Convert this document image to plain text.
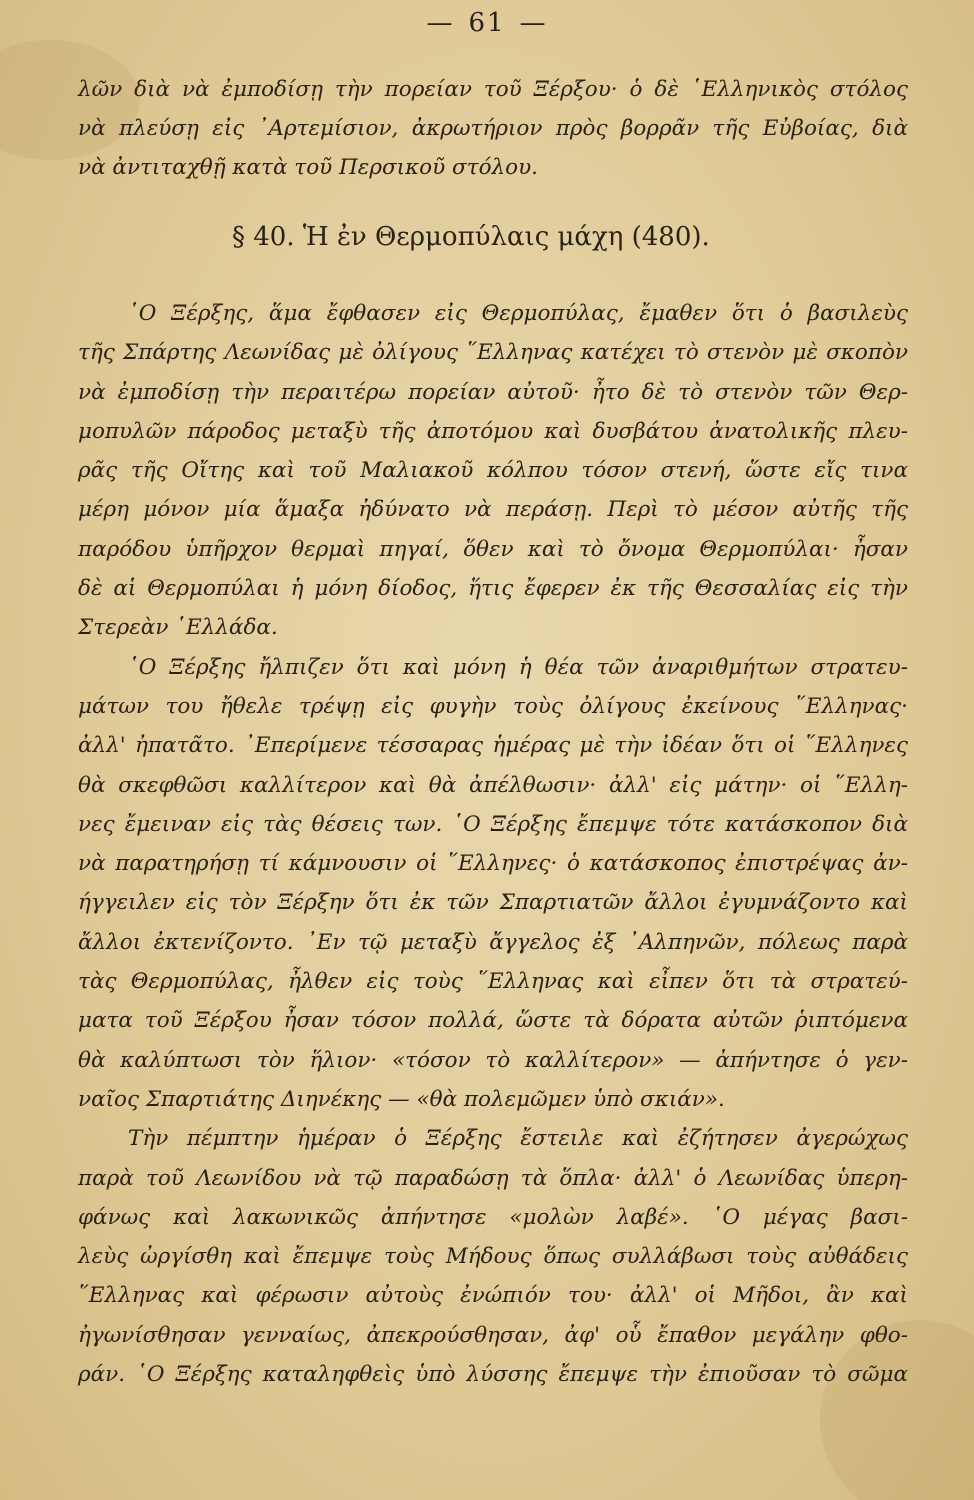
— 61 —
λῶν διὰ νὰ ἐμποδίσῃ τὴν πορείαν τοῦ Ξέρξου· ὁ δὲ ῾Ελληνικὸς στόλος
νὰ πλεύσῃ εἰς ᾿Αρτεμίσιον, ἀκρωτήριον πρὸς βορρᾶν τῆς Εὐβοίας, διὰ
νὰ ἀντιταχθῇ κατὰ τοῦ Περσικοῦ στόλου.
§ 40. Ἡ ἐν Θερμοπύλαις μάχη (480).
῾Ο Ξέρξης, ἅμα ἔφθασεν εἰς Θερμοπύλας, ἔμαθεν ὅτι ὁ βασιλεὺς
τῆς Σπάρτης Λεωνίδας μὲ ὀλίγους ῞Ελληνας κατέχει τὸ στενὸν μὲ σκοπὸν
νὰ ἐμποδίσῃ τὴν περαιτέρω πορείαν αὐτοῦ· ἦτο δὲ τὸ στενὸν τῶν Θερ-
μοπυλῶν πάροδος μεταξὺ τῆς ἀποτόμου καὶ δυσβάτου ἀνατολικῆς πλευ-
ρᾶς τῆς Οἴτης καὶ τοῦ Μαλιακοῦ κόλπου τόσον στενή, ὥστε εἴς τινα
μέρη μόνον μία ἅμαξα ἠδύνατο νὰ περάσῃ. Περὶ τὸ μέσον αὐτῆς τῆς
παρόδου ὑπῆρχον θερμαὶ πηγαί, ὅθεν καὶ τὸ ὄνομα Θερμοπύλαι· ἦσαν
δὲ αἱ Θερμοπύλαι ἡ μόνη δίοδος, ἥτις ἔφερεν ἐκ τῆς Θεσσαλίας εἰς τὴν
Στερεὰν ῾Ελλάδα.
῾Ο Ξέρξης ἤλπιζεν ὅτι καὶ μόνη ἡ θέα τῶν ἀναριθμήτων στρατευ-
μάτων του ἤθελε τρέψῃ εἰς φυγὴν τοὺς ὀλίγους ἐκείνους ῞Ελληνας·
ἀλλ' ἠπατᾶτο. ᾿Επερίμενε τέσσαρας ἡμέρας μὲ τὴν ἰδέαν ὅτι οἱ ῞Ελληνες
θὰ σκεφθῶσι καλλίτερον καὶ θὰ ἀπέλθωσιν· ἀλλ' εἰς μάτην· οἱ ῞Ελλη-
νες ἔμειναν εἰς τὰς θέσεις των. ῾Ο Ξέρξης ἔπεμψε τότε κατάσκοπον διὰ
νὰ παρατηρήσῃ τί κάμνουσιν οἱ ῞Ελληνες· ὁ κατάσκοπος ἐπιστρέψας ἀν-
ήγγειλεν εἰς τὸν Ξέρξην ὅτι ἐκ τῶν Σπαρτιατῶν ἄλλοι ἐγυμνάζοντο καὶ
ἄλλοι ἐκτενίζοντο. ᾿Εν τῷ μεταξὺ ἄγγελος ἐξ ᾿Αλπηνῶν, πόλεως παρὰ
τὰς Θερμοπύλας, ἦλθεν εἰς τοὺς ῞Ελληνας καὶ εἶπεν ὅτι τὰ στρατεύ-
ματα τοῦ Ξέρξου ἦσαν τόσον πολλά, ὥστε τὰ δόρατα αὐτῶν ῥιπτόμενα
θὰ καλύπτωσι τὸν ἥλιον· «τόσον τὸ καλλίτερον» — ἀπήντησε ὁ γεν-
ναῖος Σπαρτιάτης Διηνέκης — «θὰ πολεμῶμεν ὑπὸ σκιάν».
Τὴν πέμπτην ἡμέραν ὁ Ξέρξης ἔστειλε καὶ ἐζήτησεν ἀγερώχως
παρὰ τοῦ Λεωνίδου νὰ τῷ παραδώσῃ τὰ ὅπλα· ἀλλ' ὁ Λεωνίδας ὑπερη-
φάνως καὶ λακωνικῶς ἀπήντησε «μολὼν λαβέ». ῾Ο μέγας βασι-
λεὺς ὠργίσθη καὶ ἔπεμψε τοὺς Μήδους ὅπως συλλάβωσι τοὺς αὐθάδεις
῞Ελληνας καὶ φέρωσιν αὐτοὺς ἐνώπιόν του· ἀλλ' οἱ Μῆδοι, ἂν καὶ
ἠγωνίσθησαν γενναίως, ἀπεκρούσθησαν, ἀφ' οὗ ἔπαθον μεγάλην φθο-
ράν. ῾Ο Ξέρξης καταληφθεὶς ὑπὸ λύσσης ἔπεμψε τὴν ἐπιοῦσαν τὸ σῶμα
